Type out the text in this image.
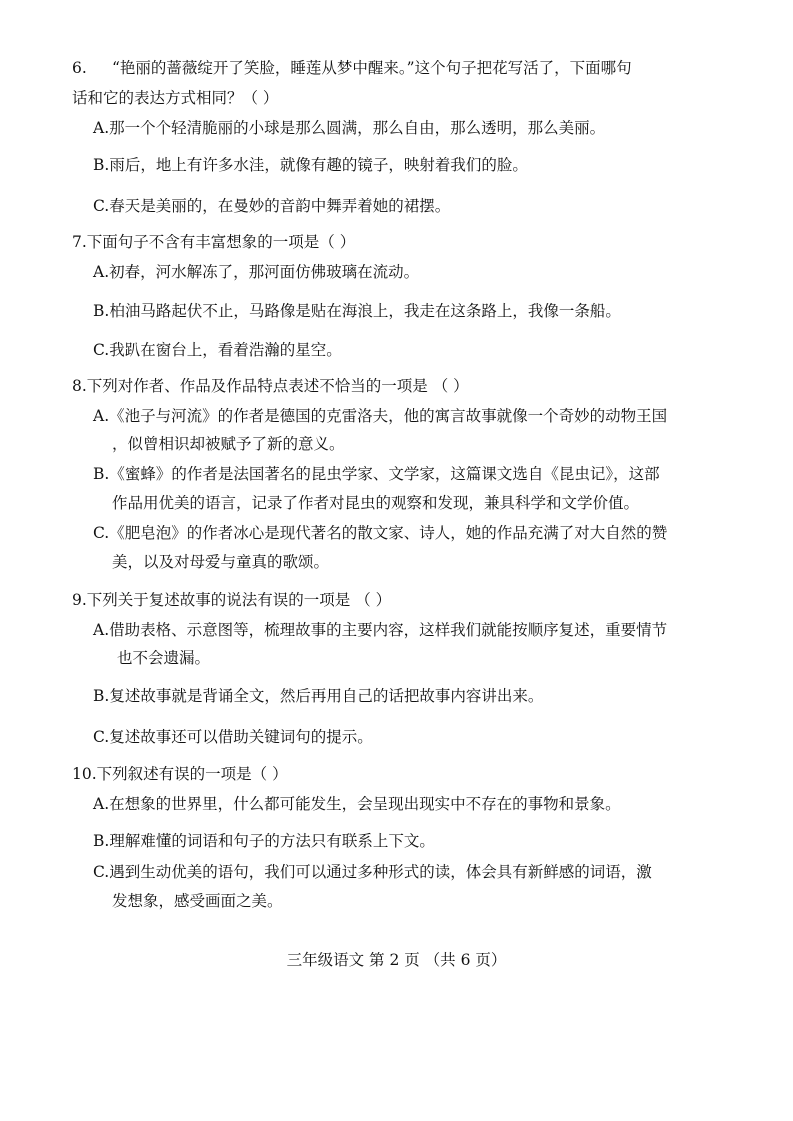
6. “艳丽的蔷薇绽开了笑脸，睡莲从梦中醒来。”这个句子把花写活了，下面哪句
话和它的表达方式相同？（ ）
A.那一个个轻清脆丽的小球是那么圆满，那么自由，那么透明，那么美丽。
B.雨后，地上有许多水洼，就像有趣的镜子，映射着我们的脸。
C.春天是美丽的，在曼妙的音韵中舞弄着她的裙摆。
7.下面句子不含有丰富想象的一项是（ ）
A.初春，河水解冻了，那河面仿佛玻璃在流动。
B.柏油马路起伏不止，马路像是贴在海浪上，我走在这条路上，我像一条船。
C.我趴在窗台上，看着浩瀚的星空。
8.下列对作者、作品及作品特点表述不恰当的一项是 （ ）
A.《池子与河流》的作者是德国的克雷洛夫，他的寓言故事就像一个奇妙的动物王国
，似曾相识却被赋予了新的意义。
B.《蜜蜂》的作者是法国著名的昆虫学家、文学家，这篇课文选自《昆虫记》，这部
作品用优美的语言，记录了作者对昆虫的观察和发现，兼具科学和文学价值。
C.《肥皂泡》的作者冰心是现代著名的散文家、诗人，她的作品充满了对大自然的赞
美，以及对母爱与童真的歌颂。
9.下列关于复述故事的说法有误的一项是 （ ）
A.借助表格、示意图等，梳理故事的主要内容，这样我们就能按顺序复述，重要情节
也不会遗漏。
B.复述故事就是背诵全文，然后再用自己的话把故事内容讲出来。
C.复述故事还可以借助关键词句的提示。
10.下列叙述有误的一项是（ ）
A.在想象的世界里，什么都可能发生，会呈现出现实中不存在的事物和景象。
B.理解难懂的词语和句子的方法只有联系上下文。
C.遇到生动优美的语句，我们可以通过多种形式的读，体会具有新鲜感的词语，激
发想象，感受画面之美。
三年级语文 第 2 页 （共 6 页）
